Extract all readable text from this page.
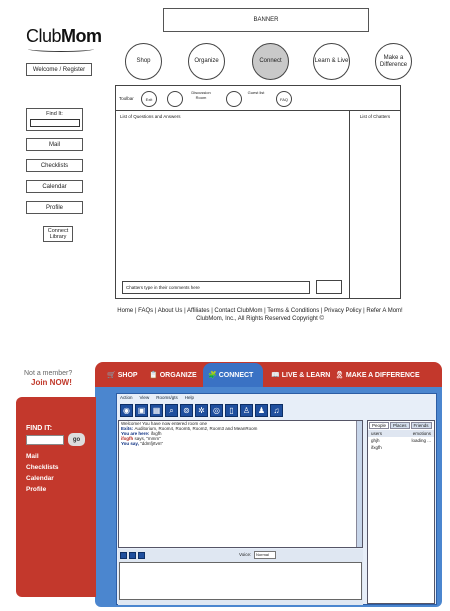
ClubMom
BANNER
Welcome / Register
Shop	Organize	Connect	Learn & Live
Make a Difference
Find It:
Mail
Checklists
Calendar
Profile
Connect Library
Toolbar	Exit
Discussion Room
Guest list
FAQ
List of Questions and Answers
Chatters type in their comments here
List of Chatters
Home | FAQs | About Us | Affiliates | Contact ClubMom | Terms & Conditions | Privacy Policy | Refer A Mom!
ClubMom, Inc., All Rights Reserved Copyright ©
Not a member?
Join NOW!
🛒 SHOP 📋 ORGANIZE	📖 LIVE & LEARN 🎗 MAKE A DIFFERENCE
🧩 CONNECT
FIND IT:
go
Mail
Checklists
Calendar
Profile
Action View Rooms/gts Help
◉ ▣ ▦	⌕	⊚	✲	◎	▯	♙ ♟	♫
Welcome! You have now entered room one
Exits: Auditorium, Room4, Room5, Room2, Room3 and MeanRoom
You are here: ifxgfh
ifxgfh says, "mmm"
You say, "ddmfjrtvm"
Voice:	Normal
People	Places	Friends
users	emotions
ghjh	loading ...
ifxgfh
